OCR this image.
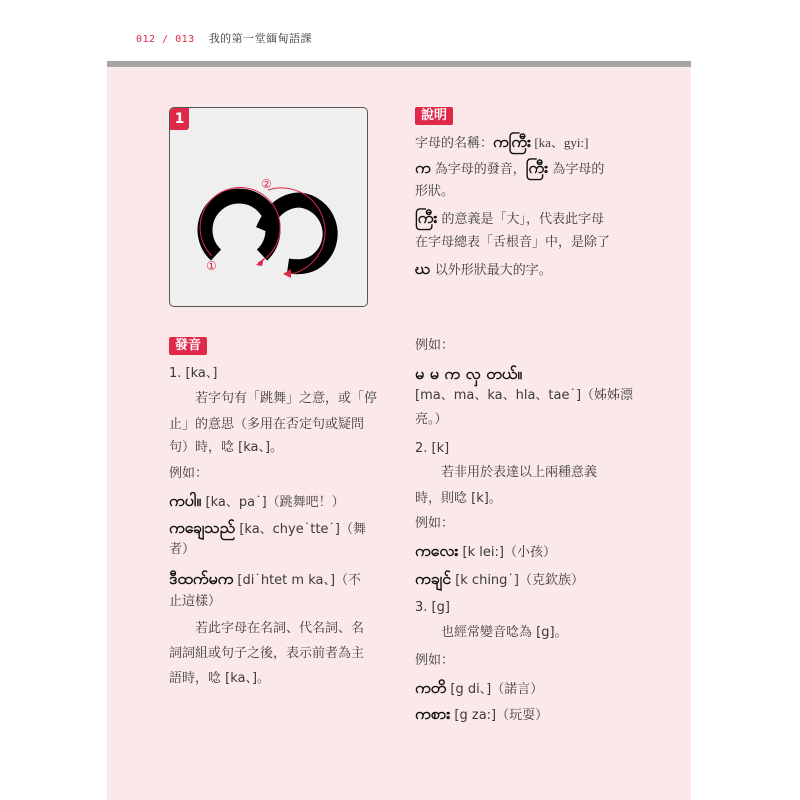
012 / 013 我的第一堂緬甸語課
1
①
②
說明
字母的名稱：ကကြီး [ka、gyi:]
က 為字母的發音，ကြီး 為字母的
形狀。
ကြီး 的意義是「大」，代表此字母
在字母總表「舌根音」中，是除了
ဃ 以外形狀最大的字。
發音
1. [ka、]
　　若字句有「跳舞」之意，或「停
止」的意思（多用在否定句或疑問
句）時，唸 [ka、]。
例如：
ကပါ။ [ka、pa˙]（跳舞吧！）
ကချေသည် [ka、chye˙tte˙]（舞
者）
ဒီထက်မက [di˙htet m ka、]（不
止這樣）
　　若此字母在名詞、代名詞、名
詞詞組或句子之後，表示前者為主
語時，唸 [ka、]。
例如：
မ မ က လှ တယ်။
[ma、ma、ka、hla、tae˙]（姊姊漂
亮。）
2. [k]
　　若非用於表達以上兩種意義
時，則唸 [k]。
例如：
ကလေး [k lei:]（小孩）
ကချင် [k ching˙]（克欽族）
3. [g]
　　也經常變音唸為 [g]。
例如：
ကတိ [g di、]（諾言）
ကစား [g za:]（玩耍）
